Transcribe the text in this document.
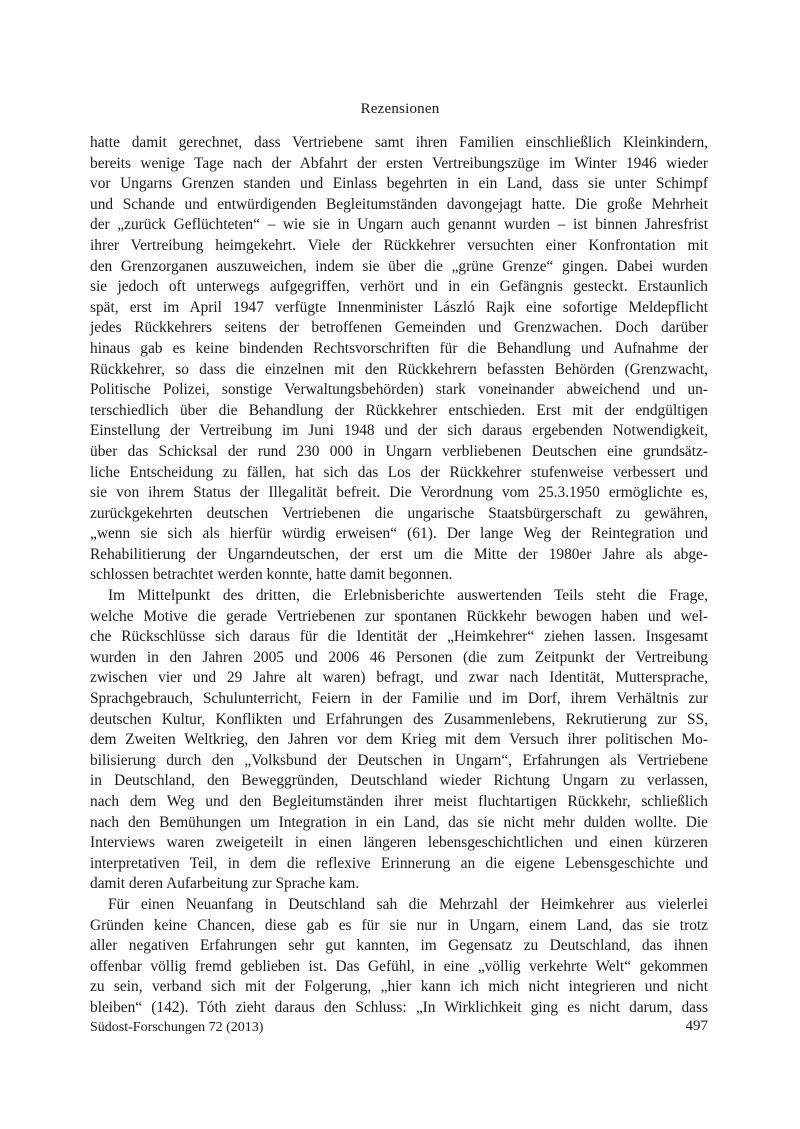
Rezensionen
hatte damit gerechnet, dass Vertriebene samt ihren Familien einschließlich Kleinkindern,
bereits wenige Tage nach der Abfahrt der ersten Vertreibungszüge im Winter 1946 wieder
vor Ungarns Grenzen standen und Einlass begehrten in ein Land, dass sie unter Schimpf
und Schande und entwürdigenden Begleitumständen davongejagt hatte. Die große Mehrheit
der „zurück Geflüchteten“ – wie sie in Ungarn auch genannt wurden – ist binnen Jahresfrist
ihrer Vertreibung heimgekehrt. Viele der Rückkehrer versuchten einer Konfrontation mit
den Grenzorganen auszuweichen, indem sie über die „grüne Grenze“ gingen. Dabei wurden
sie jedoch oft unterwegs aufgegriffen, verhört und in ein Gefängnis gesteckt. Erstaunlich
spät, erst im April 1947 verfügte Innenminister László Rajk eine sofortige Meldepflicht
jedes Rückkehrers seitens der betroffenen Gemeinden und Grenzwachen. Doch darüber
hinaus gab es keine bindenden Rechtsvorschriften für die Behandlung und Aufnahme der
Rückkehrer, so dass die einzelnen mit den Rückkehrern befassten Behörden (Grenzwacht,
Politische Polizei, sonstige Verwaltungsbehörden) stark voneinander abweichend und un-
terschiedlich über die Behandlung der Rückkehrer entschieden. Erst mit der endgültigen
Einstellung der Vertreibung im Juni 1948 und der sich daraus ergebenden Notwendigkeit,
über das Schicksal der rund 230 000 in Ungarn verbliebenen Deutschen eine grundsätz-
liche Entscheidung zu fällen, hat sich das Los der Rückkehrer stufenweise verbessert und
sie von ihrem Status der Illegalität befreit. Die Verordnung vom 25.3.1950 ermöglichte es,
zurückgekehrten deutschen Vertriebenen die ungarische Staatsbürgerschaft zu gewähren,
„wenn sie sich als hierfür würdig erweisen“ (61). Der lange Weg der Reintegration und
Rehabilitierung der Ungarndeutschen, der erst um die Mitte der 1980er Jahre als abge-
schlossen betrachtet werden konnte, hatte damit begonnen.
Im Mittelpunkt des dritten, die Erlebnisberichte auswertenden Teils steht die Frage,
welche Motive die gerade Vertriebenen zur spontanen Rückkehr bewogen haben und wel-
che Rückschlüsse sich daraus für die Identität der „Heimkehrer“ ziehen lassen. Insgesamt
wurden in den Jahren 2005 und 2006 46 Personen (die zum Zeitpunkt der Vertreibung
zwischen vier und 29 Jahre alt waren) befragt, und zwar nach Identität, Muttersprache,
Sprachgebrauch, Schulunterricht, Feiern in der Familie und im Dorf, ihrem Verhältnis zur
deutschen Kultur, Konflikten und Erfahrungen des Zusammenlebens, Rekrutierung zur SS,
dem Zweiten Weltkrieg, den Jahren vor dem Krieg mit dem Versuch ihrer politischen Mo-
bilisierung durch den „Volksbund der Deutschen in Ungarn“, Erfahrungen als Vertriebene
in Deutschland, den Beweggründen, Deutschland wieder Richtung Ungarn zu verlassen,
nach dem Weg und den Begleitumständen ihrer meist fluchtartigen Rückkehr, schließlich
nach den Bemühungen um Integration in ein Land, das sie nicht mehr dulden wollte. Die
Interviews waren zweigeteilt in einen längeren lebensgeschichtlichen und einen kürzeren
interpretativen Teil, in dem die reflexive Erinnerung an die eigene Lebensgeschichte und
damit deren Aufarbeitung zur Sprache kam.
Für einen Neuanfang in Deutschland sah die Mehrzahl der Heimkehrer aus vielerlei
Gründen keine Chancen, diese gab es für sie nur in Ungarn, einem Land, das sie trotz
aller negativen Erfahrungen sehr gut kannten, im Gegensatz zu Deutschland, das ihnen
offenbar völlig fremd geblieben ist. Das Gefühl, in eine „völlig verkehrte Welt“ gekommen
zu sein, verband sich mit der Folgerung, „hier kann ich mich nicht integrieren und nicht
bleiben“ (142). Tóth zieht daraus den Schluss: „In Wirklichkeit ging es nicht darum, dass
Südost-Forschungen 72 (2013)	497
